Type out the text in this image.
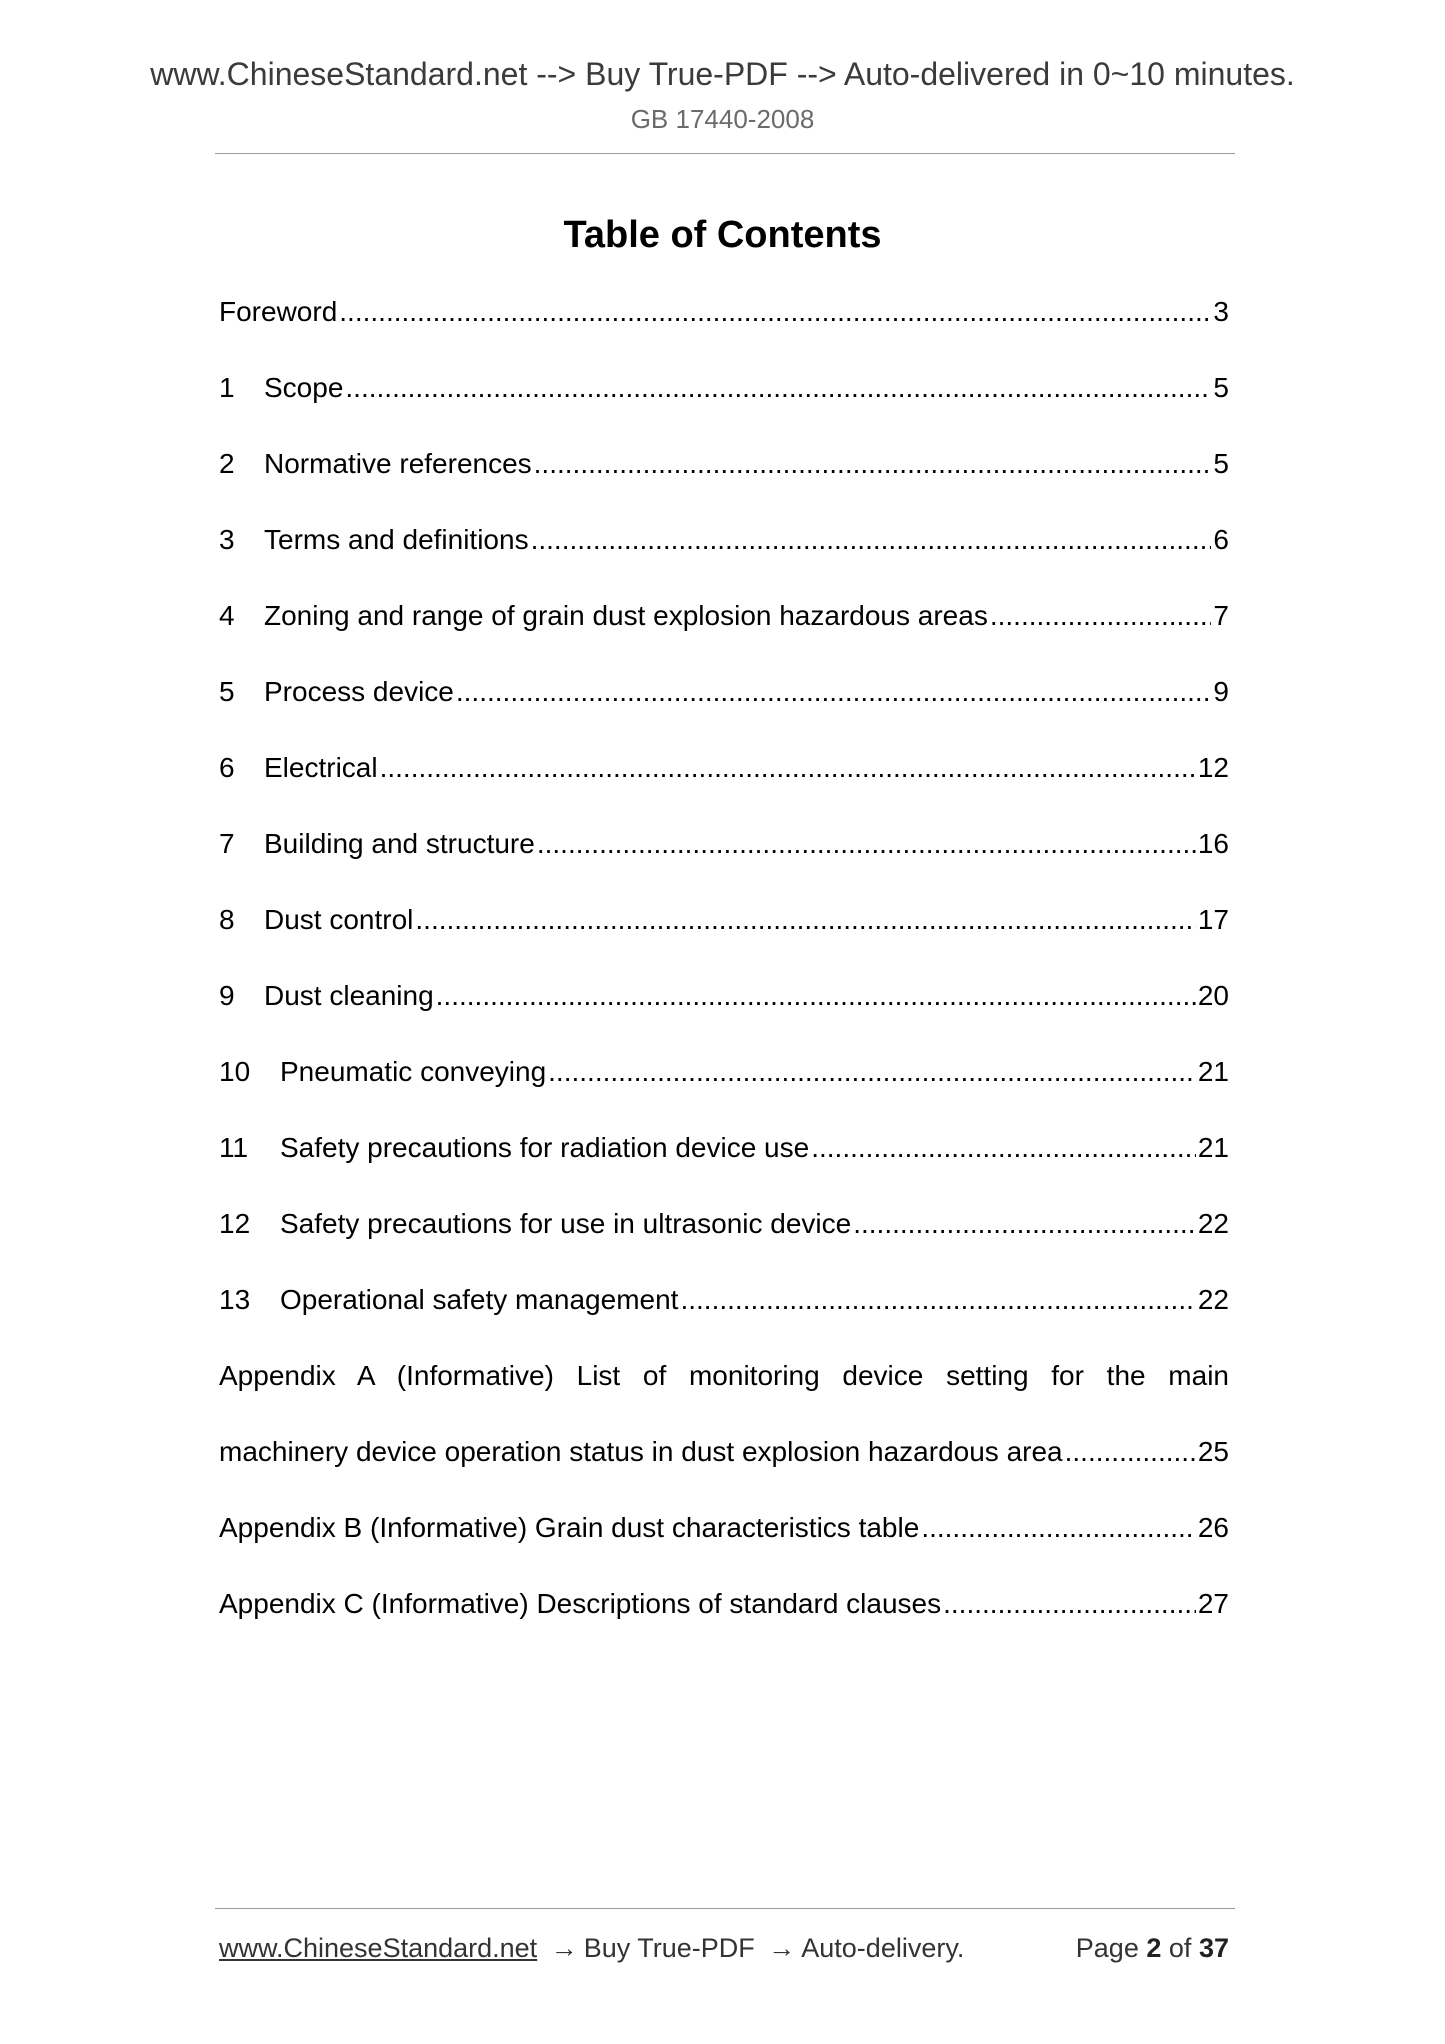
www.ChineseStandard.net --> Buy True-PDF --> Auto-delivered in 0~10 minutes.
GB 17440-2008
Table of Contents
Foreword .....	3
1	Scope .....	5
2	Normative references .....	5
3	Terms and definitions .....	6
4	Zoning and range of grain dust explosion hazardous areas .....	7
5	Process device .....	9
6	Electrical .....	12
7	Building and structure .....	16
8	Dust control .....	17
9	Dust cleaning .....	20
10	Pneumatic conveying .....	21
11	Safety precautions for radiation device use .....	21
12	Safety precautions for use in ultrasonic device .....	22
13	Operational safety management .....	22
Appendix A (Informative) List of monitoring device setting for the main
machinery device operation status in dust explosion hazardous area .....	25
Appendix B (Informative) Grain dust characteristics table .....	26
Appendix C (Informative) Descriptions of standard clauses .....	27
www.ChineseStandard.net → Buy True-PDF → Auto-delivery.	Page 2 of 37
